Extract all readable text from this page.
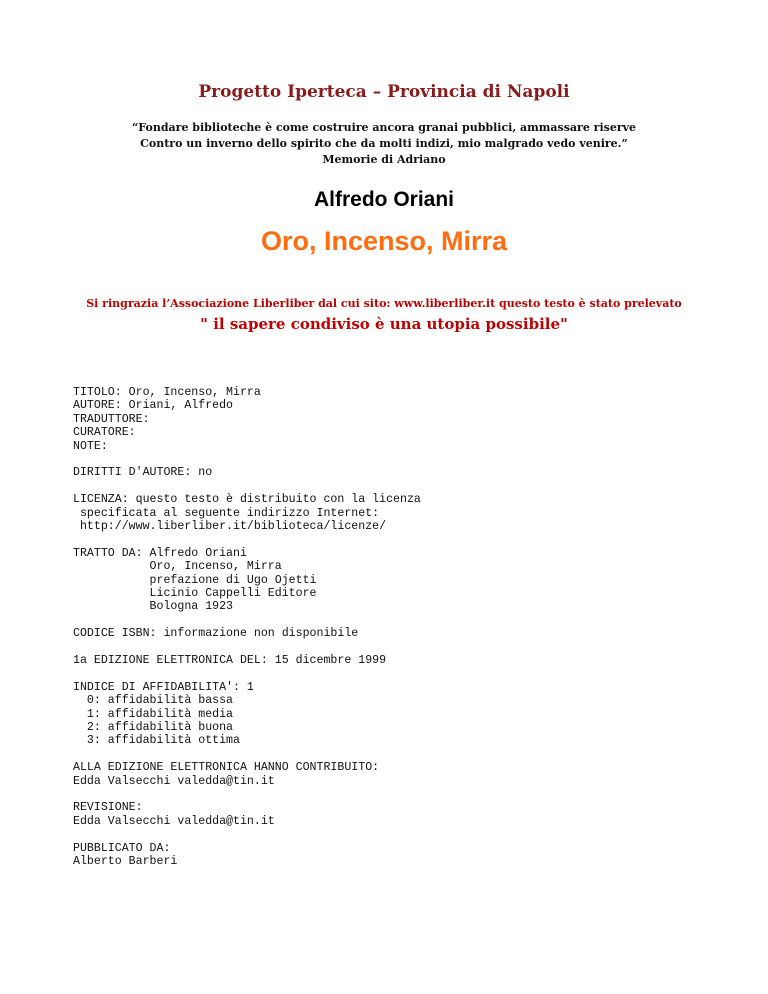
Progetto Iperteca – Provincia di Napoli
“Fondare biblioteche è come costruire ancora granai pubblici, ammassare riserve
Contro un inverno dello spirito che da molti indizi, mio malgrado vedo venire.”
Memorie di Adriano
Alfredo Oriani
Oro, Incenso, Mirra
Si ringrazia l’Associazione Liberliber dal cui sito: www.liberliber.it questo testo è stato prelevato
" il sapere condiviso è una utopia possibile"
TITOLO: Oro, Incenso, Mirra
AUTORE: Oriani, Alfredo
TRADUTTORE:
CURATORE:
NOTE:
DIRITTI D'AUTORE: no
LICENZA: questo testo è distribuito con la licenza
specificata al seguente indirizzo Internet:
http://www.liberliber.it/biblioteca/licenze/
TRATTO DA: Alfredo Oriani
Oro, Incenso, Mirra
prefazione di Ugo Ojetti
Licinio Cappelli Editore
Bologna 1923
CODICE ISBN: informazione non disponibile
1a EDIZIONE ELETTRONICA DEL: 15 dicembre 1999
INDICE DI AFFIDABILITA': 1
0: affidabilità bassa
1: affidabilità media
2: affidabilità buona
3: affidabilità ottima
ALLA EDIZIONE ELETTRONICA HANNO CONTRIBUITO:
Edda Valsecchi valedda@tin.it
REVISIONE:
Edda Valsecchi valedda@tin.it
PUBBLICATO DA:
Alberto Barberi
